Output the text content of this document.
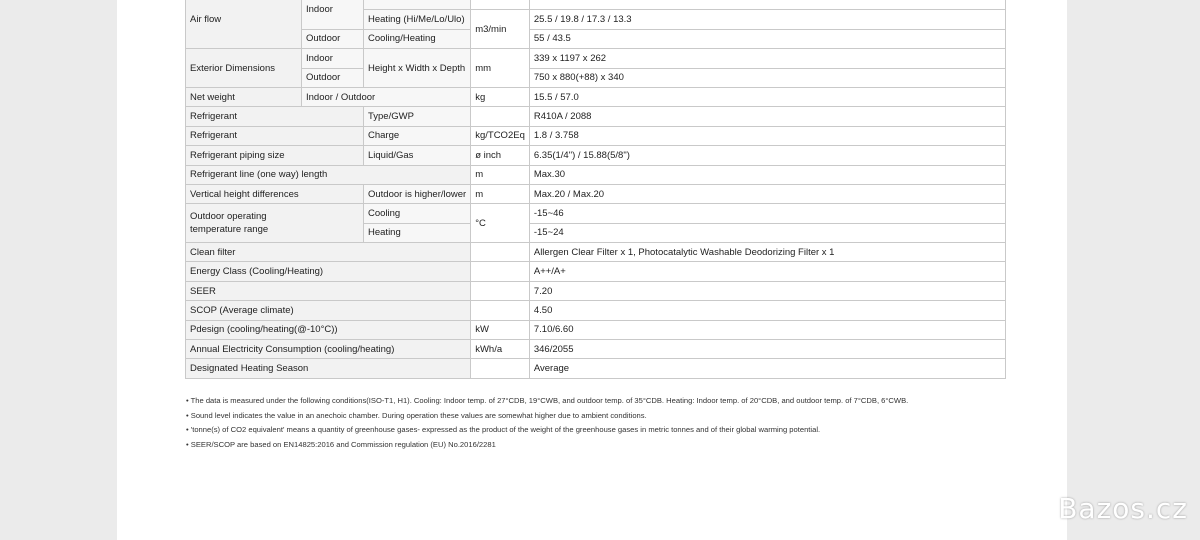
Air flow	Indoor			
		Heating (Hi/Me/Lo/Ulo)	m3/min	25.5 / 19.8 / 17.3 / 13.3
	Outdoor	Cooling/Heating		55 / 43.5
Exterior Dimensions	Indoor	Height x Width x Depth	mm	339 x 1197 x 262
	Outdoor			750 x 880(+88) x 340
Net weight	Indoor / Outdoor		kg	15.5 / 57.0
Refrigerant		Type/GWP		R410A / 2088
Refrigerant		Charge	kg/TCO2Eq	1.8 / 3.758
Refrigerant piping size		Liquid/Gas	ø inch	6.35(1/4") / 15.88(5/8")
Refrigerant line (one way) length			m	Max.30
Vertical height differences		Outdoor is higher/lower	m	Max.20 / Max.20

Outdoor operating
temperature range		Cooling	°C	-15~46
		Heating		-15~24
Clean filter				Allergen Clear Filter x 1, Photocatalytic Washable Deodorizing Filter x 1
Energy Class (Cooling/Heating)				A++/A+
SEER				7.20
SCOP (Average climate)				4.50
Pdesign (cooling/heating(@-10°C))			kW	7.10/6.60
Annual Electricity Consumption (cooling/heating)			kWh/a	346/2055
Designated Heating Season				Average
• The data is measured under the following conditions(ISO-T1, H1). Cooling: Indoor temp. of 27°CDB, 19°CWB, and outdoor temp. of 35°CDB. Heating: Indoor temp. of 20°CDB, and outdoor temp. of 7°CDB, 6°CWB.
• Sound level indicates the value in an anechoic chamber. During operation these values are somewhat higher due to ambient conditions.
• 'tonne(s) of CO2 equivalent' means a quantity of greenhouse gases- expressed as the product of the weight of the greenhouse gases in metric tonnes and of their global warming potential.
• SEER/SCOP are based on EN14825:2016 and Commission regulation (EU) No.2016/2281
Bazos.cz
